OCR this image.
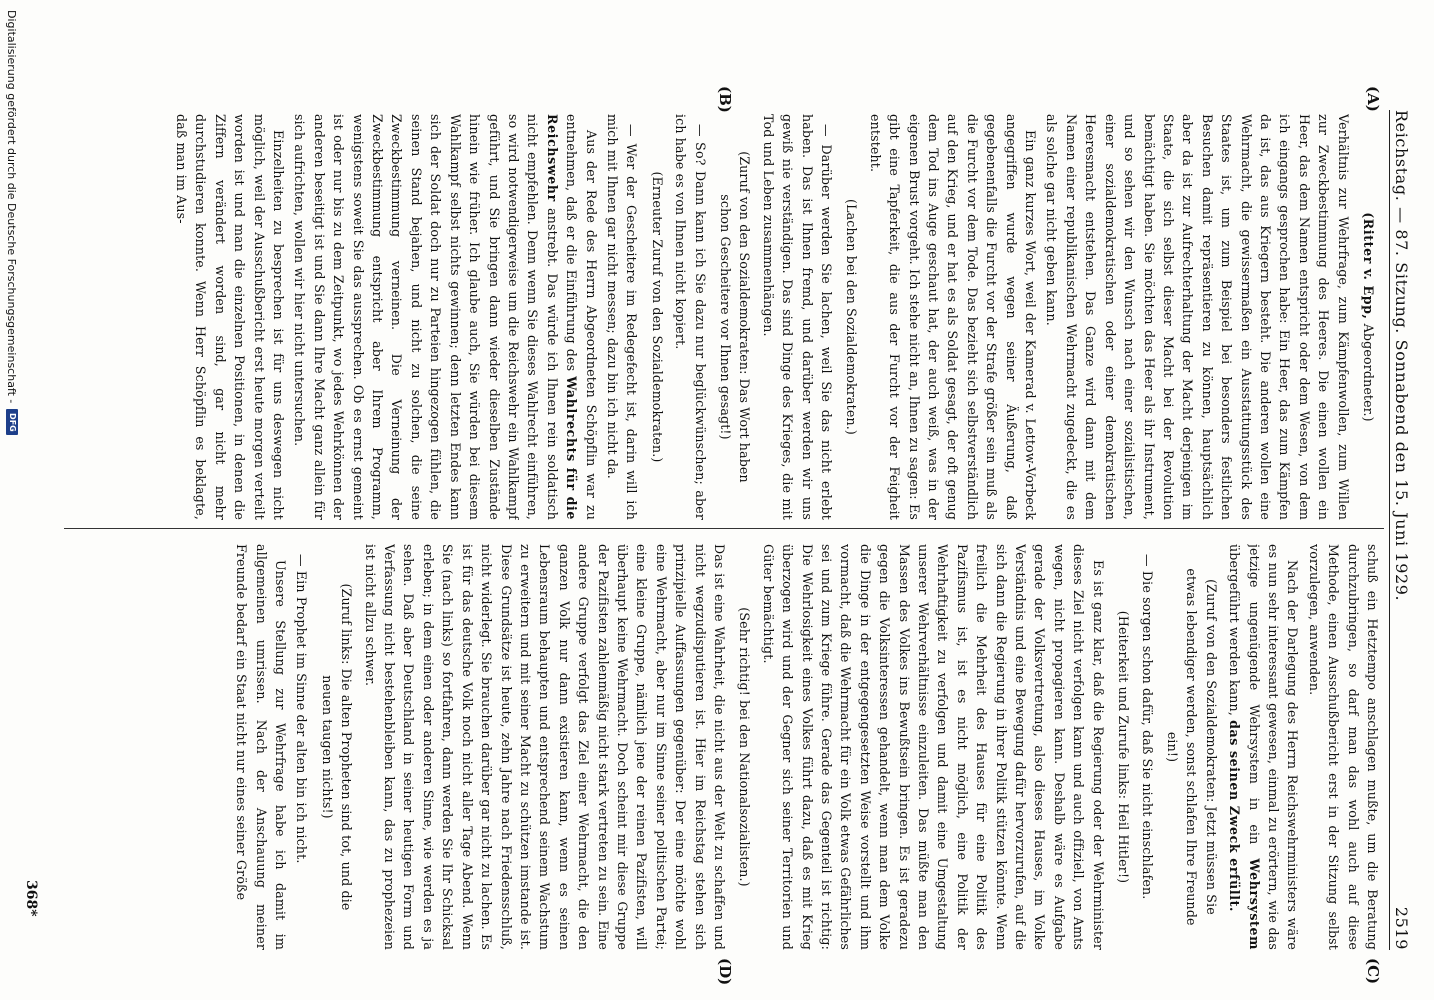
Reichstag. — 87. Sitzung. Sonnabend den 15. Juni 1929.
2519
(A)
(B)
(C)
(D)

(Ritter v. Epp, Abgeordneter.)

Verhältnis zur Wehrfrage, zum Kämpfenwollen, zum Willen zur Zweckbestimmung des Heeres. Die einen wollen ein Heer, das dem Namen entspricht oder dem Wesen, von dem ich eingangs gesprochen habe: Ein Heer, das zum Kämpfen da ist, das aus Kriegern besteht. Die anderen wollen eine Wehrmacht, die gewissermaßen ein Ausstattungsstück des Staates ist, um zum Beispiel bei besonders festlichen Besuchen damit repräsentieren zu können, hauptsächlich aber da ist zur Aufrechterhaltung der Macht derjenigen im Staate, die sich selbst dieser Macht bei der Revolution bemächtigt haben. Sie möchten das Heer als ihr Instrument, und so sehen wir den Wunsch nach einer sozialistischen, einer sozialdemokratischen oder einer demokratischen Heeresmacht entstehen. Das Ganze wird dann mit dem Namen einer republikanischen Wehrmacht zugedeckt, die es als solche gar nicht geben kann.

Ein ganz kurzes Wort, weil der Kamerad v. Lettow-Vorbeck angegriffen wurde wegen seiner Äußerung, daß gegebenenfalls die Furcht vor der Strafe größer sein muß als die Furcht vor dem Tode. Das bezieht sich selbstverständlich auf den Krieg, und er hat es als Soldat gesagt, der oft genug dem Tod ins Auge geschaut hat, der auch weiß, was in der eigenen Brust vorgeht. Ich stehe nicht an, Ihnen zu sagen: Es gibt eine Tapferkeit, die aus der Furcht vor der Feigheit entsteht.

(Lachen bei den Sozialdemokraten.)

— Darüber werden Sie lachen, weil Sie das nicht erlebt haben. Das ist Ihnen fremd, und darüber werden wir uns gewiß nie verständigen. Das sind Dinge des Krieges, die mit Tod und Leben zusammenhängen.

(Zuruf von den Sozialdemokraten: Das Wort haben schon Gescheitere vor Ihnen gesagt!)

— So? Dann kann ich Sie dazu nur beglückwünschen; aber ich habe es von Ihnen nicht kopiert.

(Erneuter Zuruf von den Sozialdemokraten.)

— Wer der Gescheitere im Redegefecht ist, darin will ich mich mit Ihnen gar nicht messen; dazu bin ich nicht da.

Aus der Rede des Herrn Abgeordneten Schöpflin war zu entnehmen, daß er die Einführung des Wahlrechts für die Reichswehr anstrebt. Das würde ich Ihnen rein soldatisch nicht empfehlen. Denn wenn Sie dieses Wahlrecht einführen, so wird notwendigerweise um die Reichswehr ein Wahlkampf geführt, und Sie bringen dann wieder dieselben Zustände hinein wie früher. Ich glaube auch, Sie würden bei diesem Wahlkampf selbst nichts gewinnen; denn letzten Endes kann sich der Soldat doch nur zu Parteien hingezogen fühlen, die seinen Stand bejahen, und nicht zu solchen, die seine Zweckbestimmung verneinen. Die Verneinung der Zweckbestimmung entspricht aber Ihrem Programm, wenigstens soweit Sie das aussprechen. Ob es ernst gemeint ist oder nur bis zu dem Zeitpunkt, wo jedes Wehrkönnen der anderen beseitigt ist und Sie dann Ihre Macht ganz allein für sich aufrichten, wollen wir hier nicht untersuchen.

Einzelheiten zu besprechen ist für uns deswegen nicht möglich, weil der Ausschußbericht erst heute morgen verteilt worden ist und man die einzelnen Positionen, in denen die Ziffern verändert worden sind, gar nicht mehr durchstudieren konnte. Wenn Herr Schöpflin es beklagte, daß man im Aus-

schuß ein Hetztempo anschlagen mußte, um die Beratung durchzubringen, so darf man das wohl auch auf diese Methode, einen Ausschußbericht erst in der Sitzung selbst vorzulegen, anwenden.

Nach der Darlegung des Herrn Reichswehrministers wäre es nun sehr interessant gewesen, einmal zu erörtern, wie das jetzige ungenügende Wehrsystem in ein Wehrsystem übergeführt werden kann, das seinen Zweck erfüllt.

(Zuruf von den Sozialdemokraten: Jetzt müssen Sie etwas lebendiger werden, sonst schlafen Ihre Freunde ein!)

— Die sorgen schon dafür, daß Sie nicht einschlafen.

(Heiterkeit und Zurufe links: Heil Hitler!)

Es ist ganz klar, daß die Regierung oder der Wehrminister dieses Ziel nicht verfolgen kann und auch offiziell, von Amts wegen, nicht propagieren kann. Deshalb wäre es Aufgabe gerade der Volksvertretung, also dieses Hauses, im Volke Verständnis und eine Bewegung dafür hervorzurufen, auf die sich dann die Regierung in ihrer Politik stützen könnte. Wenn freilich die Mehrheit des Hauses für eine Politik des Pazifismus ist, ist es nicht möglich, eine Politik der Wehrhaftigkeit zu verfolgen und damit eine Umgestaltung unserer Wehrverhältnisse einzuleiten. Das müßte man den Massen des Volkes ins Bewußtsein bringen. Es ist geradezu gegen die Volksinteressen gehandelt, wenn man dem Volke die Dinge in der entgegengesetzten Weise vorstellt und ihm vormacht, daß die Wehrmacht für ein Volk etwas Gefährliches sei und zum Kriege führe. Gerade das Gegenteil ist richtig: Die Wehrlosigkeit eines Volkes führt dazu, daß es mit Krieg überzogen wird und der Gegner sich seiner Territorien und Güter bemächtigt.

(Sehr richtig! bei den Nationalsozialisten.)

Das ist eine Wahrheit, die nicht aus der Welt zu schaffen und nicht wegzudisputieren ist. Hier im Reichstag stehen sich prinzipielle Auffassungen gegenüber: Der eine möchte wohl eine Wehrmacht, aber nur im Sinne seiner politischen Partei; eine kleine Gruppe, nämlich jene der reinen Pazifisten, will überhaupt keine Wehrmacht. Doch scheint mir diese Gruppe der Pazifisten zahlenmäßig nicht stark vertreten zu sein. Eine andere Gruppe verfolgt das Ziel einer Wehrmacht, die den ganzen Volk nur dann existieren kann, wenn es seinen Lebensraum behaupten und entsprechend seinem Wachstum zu erweitern und mit seiner Macht zu schützen imstande ist. Diese Grundsätze ist heute, zehn Jahre nach Friedensschluß, nicht widerlegt. Sie brauchen darüber gar nicht zu lachen. Es ist für das deutsche Volk noch nicht aller Tage Abend. Wenn Sie (nach links) so fortfahren, dann werden Sie Ihr Schicksal erleben; in dem einen oder anderen Sinne, wie werden es ja sehen. Daß aber Deutschland in seiner heutigen Form und Verfassung nicht bestehenbleiben kann, das zu prophezeien ist nicht allzu schwer.

(Zuruf links: Die alten Propheten sind tot, und die neuen taugen nichts!)

— Ein Prophet im Sinne der alten bin ich nicht.

Unsere Stellung zur Wehrfrage habe ich damit im allgemeinen umrissen. Nach der Anschauung meiner Freunde bedarf ein Staat nicht nur eines seiner Größe

368*
Digitalisierung gefördert durch die Deutsche Forschungsgemeinschaft -
DFG
